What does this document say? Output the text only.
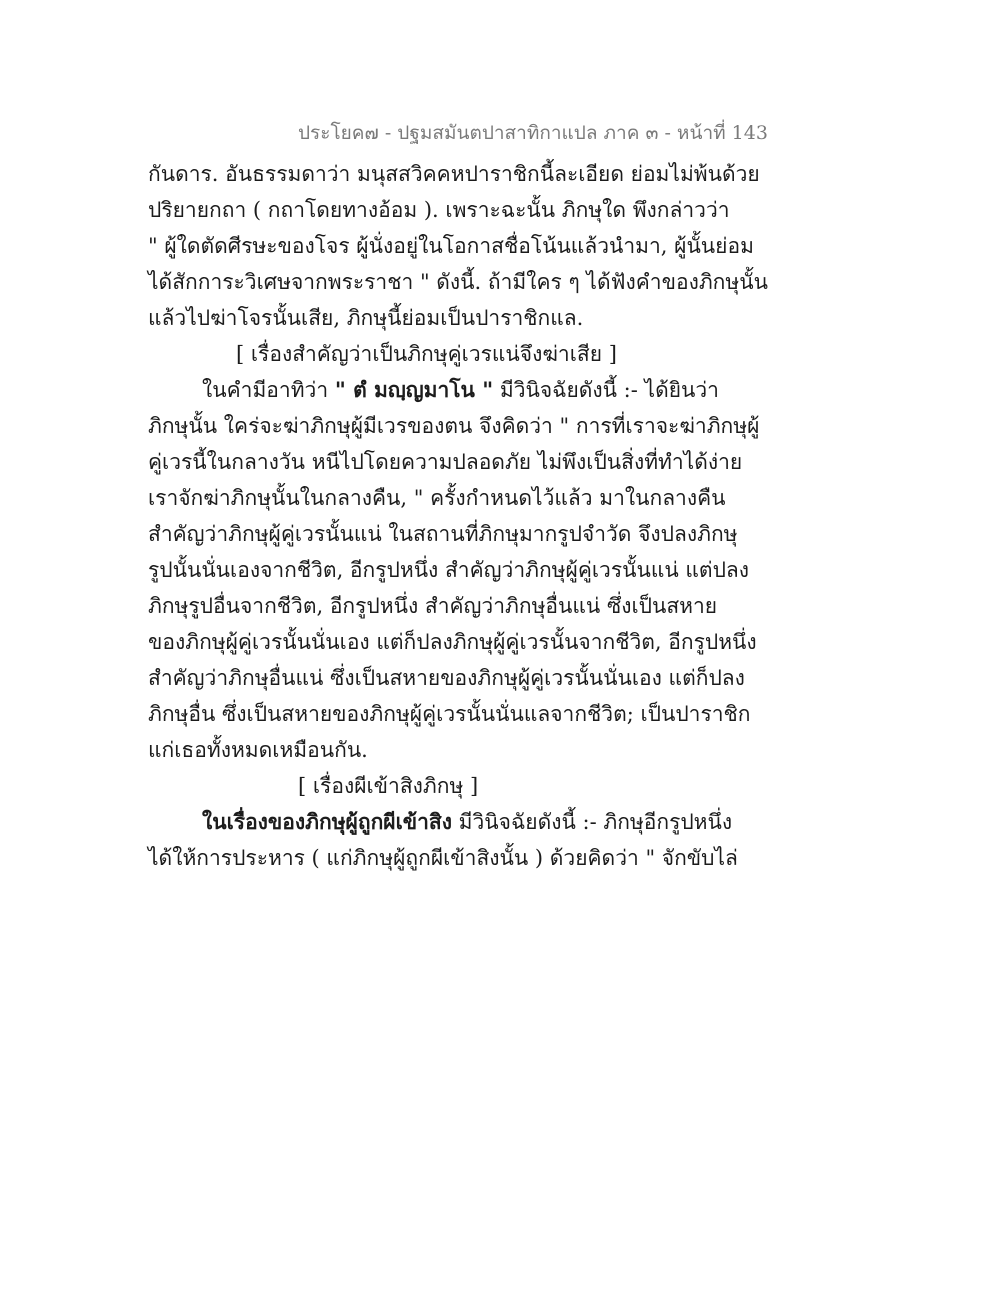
ประโยค๗ - ปฐมสมันตปาสาทิกาแปล ภาค ๓ - หน้าที่ 143
กันดาร. อันธรรมดาว่า มนุสสวิคคหปาราชิกนี้ละเอียด ย่อมไม่พ้นด้วย
ปริยายกถา ( กถาโดยทางอ้อม ). เพราะฉะนั้น ภิกษุใด พึงกล่าวว่า
" ผู้ใดตัดศีรษะของโจร ผู้นั่งอยู่ในโอกาสชื่อโน้นแล้วนำมา, ผู้นั้นย่อม
ได้สักการะวิเศษจากพระราชา " ดังนี้. ถ้ามีใคร ๆ ได้ฟังคำของภิกษุนั้น
แล้วไปฆ่าโจรนั้นเสีย, ภิกษุนี้ย่อมเป็นปาราชิกแล.
[ เรื่องสำคัญว่าเป็นภิกษุคู่เวรแน่จึงฆ่าเสีย ]
ในคำมีอาทิว่า " ตํ มญฺญมาโน " มีวินิจฉัยดังนี้ :- ได้ยินว่า
ภิกษุนั้น ใคร่จะฆ่าภิกษุผู้มีเวรของตน จึงคิดว่า " การที่เราจะฆ่าภิกษุผู้
คู่เวรนี้ในกลางวัน หนีไปโดยความปลอดภัย ไม่พึงเป็นสิ่งที่ทำได้ง่าย
เราจักฆ่าภิกษุนั้นในกลางคืน, " ครั้งกำหนดไว้แล้ว มาในกลางคืน
สำคัญว่าภิกษุผู้คู่เวรนั้นแน่ ในสถานที่ภิกษุมากรูปจำวัด จึงปลงภิกษุ
รูปนั้นนั่นเองจากชีวิต, อีกรูปหนึ่ง สำคัญว่าภิกษุผู้คู่เวรนั้นแน่ แต่ปลง
ภิกษุรูปอื่นจากชีวิต, อีกรูปหนึ่ง สำคัญว่าภิกษุอื่นแน่ ซึ่งเป็นสหาย
ของภิกษุผู้คู่เวรนั้นนั่นเอง แต่ก็ปลงภิกษุผู้คู่เวรนั้นจากชีวิต, อีกรูปหนึ่ง
สำคัญว่าภิกษุอื่นแน่ ซึ่งเป็นสหายของภิกษุผู้คู่เวรนั้นนั่นเอง แต่ก็ปลง
ภิกษุอื่น ซึ่งเป็นสหายของภิกษุผู้คู่เวรนั้นนั่นแลจากชีวิต; เป็นปาราชิก
แก่เธอทั้งหมดเหมือนกัน.
[ เรื่องผีเข้าสิงภิกษุ ]
ในเรื่องของภิกษุผู้ถูกผีเข้าสิง มีวินิจฉัยดังนี้ :- ภิกษุอีกรูปหนึ่ง
ได้ให้การประหาร ( แก่ภิกษุผู้ถูกผีเข้าสิงนั้น ) ด้วยคิดว่า " จักขับไล่
